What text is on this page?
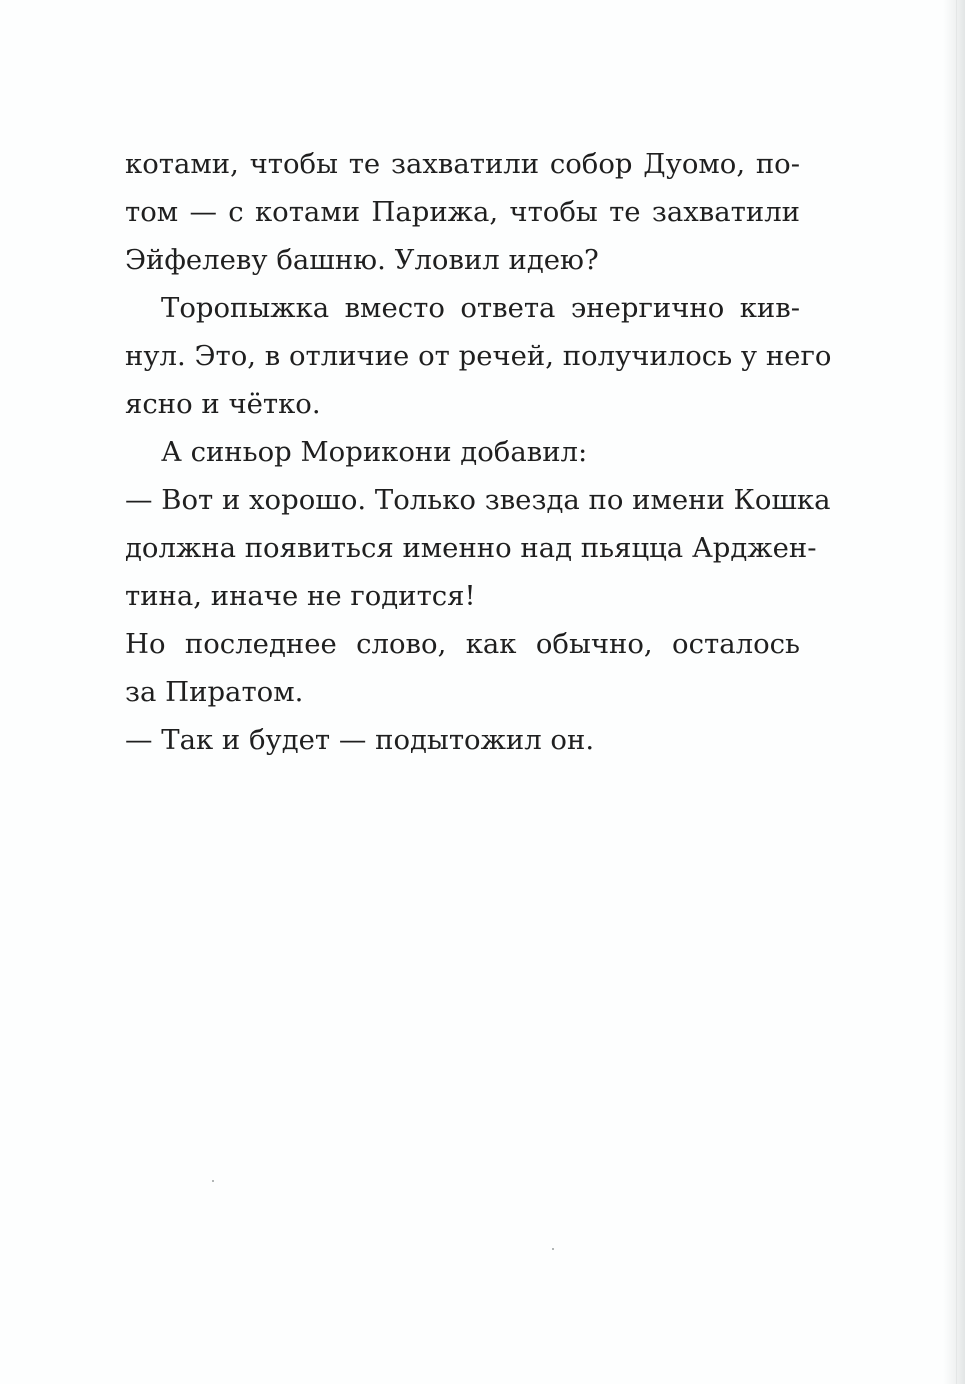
котами, чтобы те захватили собор Дуомо, по-
том — с котами Парижа, чтобы те захватили
Эйфелеву башню. Уловил идею?
Торопыжка вместо ответа энергично кив-
нул. Это, в отличие от речей, получилось у него
ясно и чётко.
А синьор Морикони добавил:
— Вот и хорошо. Только звезда по имени Кошка
должна появиться именно над пьяцца Арджен-
тина, иначе не годится!
Но последнее слово, как обычно, осталось
за Пиратом.
— Так и будет — подытожил он.
